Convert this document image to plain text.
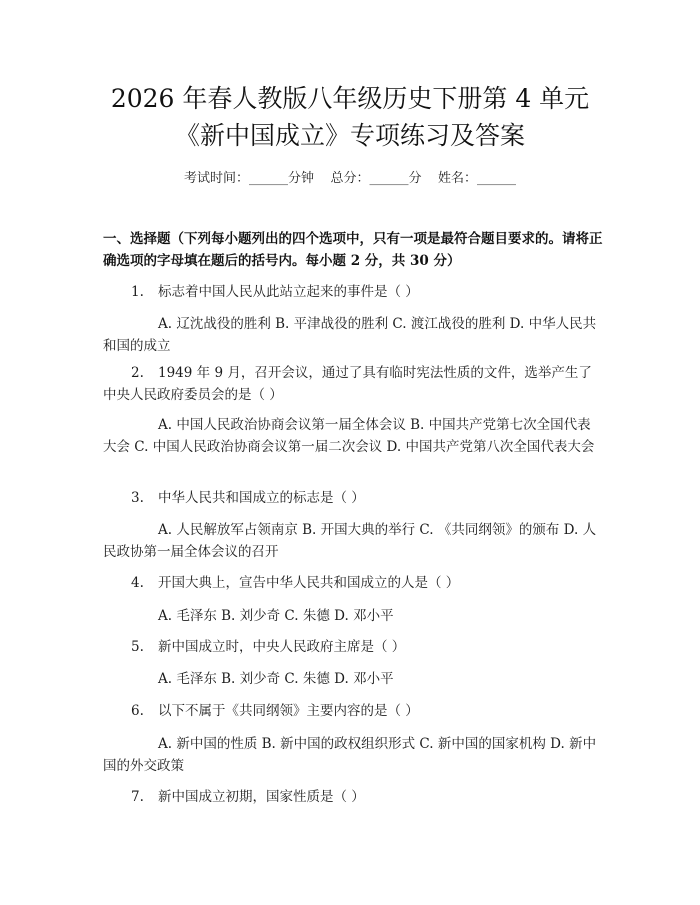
2026 年春人教版八年级历史下册第 4 单元
《新中国成立》专项练习及答案
考试时间：______分钟    总分：______分    姓名：______
一、选择题（下列每小题列出的四个选项中，只有一项是最符合题目要求的。请将正确选项的字母填在题后的括号内。每小题 2 分，共 30 分）
1. 标志着中国人民从此站立起来的事件是（ ）
A. 辽沈战役的胜利 B. 平津战役的胜利 C. 渡江战役的胜利 D. 中华人民共和国的成立
2. 1949 年 9 月，召开会议，通过了具有临时宪法性质的文件，选举产生了中央人民政府委员会的是（ ）
A. 中国人民政治协商会议第一届全体会议 B. 中国共产党第七次全国代表大会 C. 中国人民政治协商会议第一届二次会议 D. 中国共产党第八次全国代表大会
3. 中华人民共和国成立的标志是（ ）
A. 人民解放军占领南京 B. 开国大典的举行 C. 《共同纲领》的颁布 D. 人民政协第一届全体会议的召开
4. 开国大典上，宣告中华人民共和国成立的人是（ ）
A. 毛泽东 B. 刘少奇 C. 朱德 D. 邓小平
5. 新中国成立时，中央人民政府主席是（ ）
A. 毛泽东 B. 刘少奇 C. 朱德 D. 邓小平
6. 以下不属于《共同纲领》主要内容的是（ ）
A. 新中国的性质 B. 新中国的政权组织形式 C. 新中国的国家机构 D. 新中国的外交政策
7. 新中国成立初期，国家性质是（ ）
